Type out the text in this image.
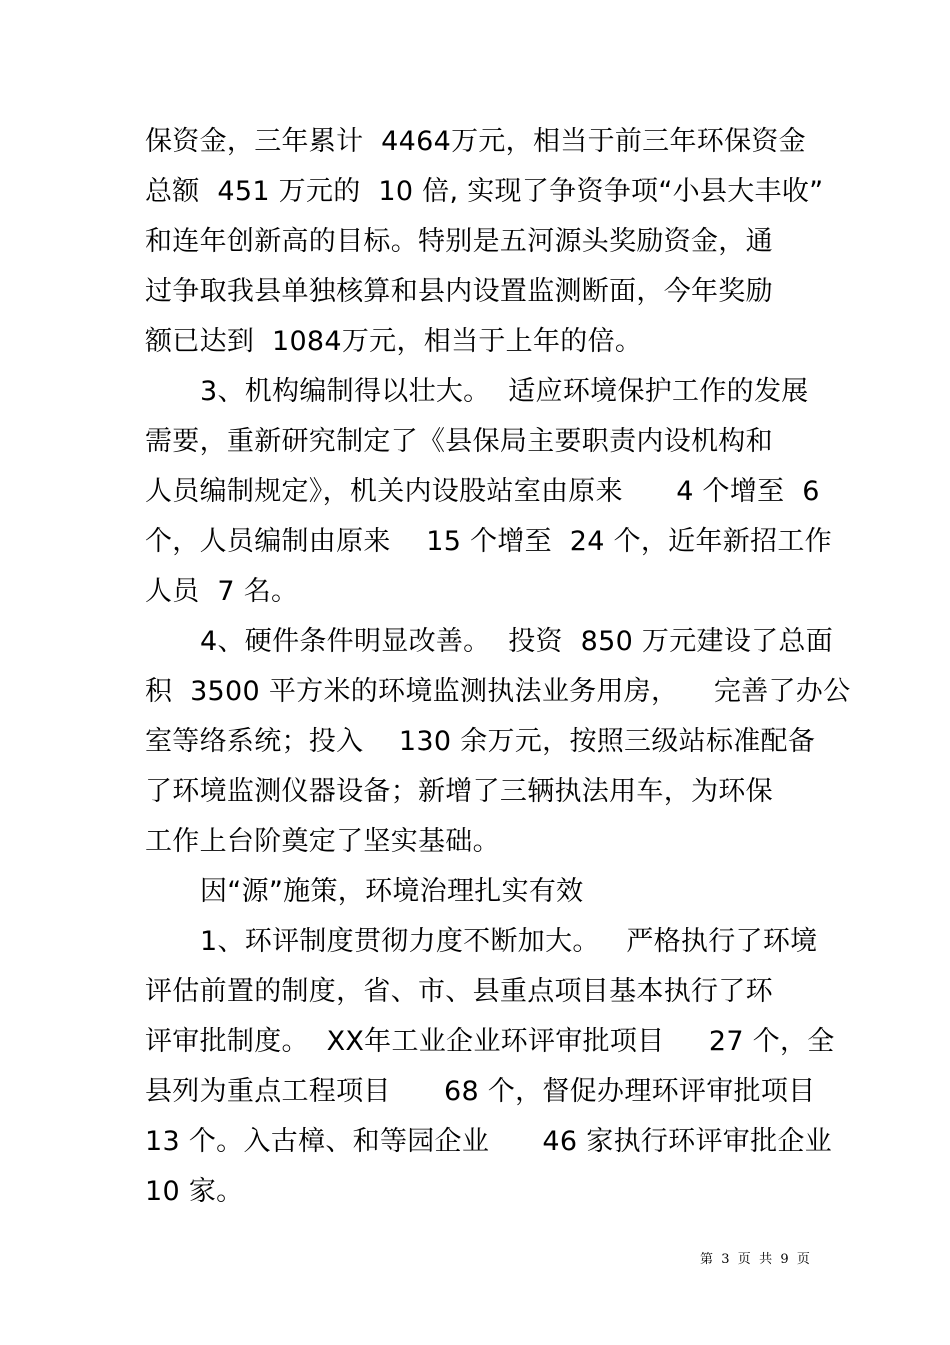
保资金，三年累计  4464万元，相当于前三年环保资金
总额  451 万元的  10 倍, 实现了争资争项“小县大丰收”
和连年创新高的目标。特别是五河源头奖励资金，通
过争取我县单独核算和县内设置监测断面，今年奖励
额已达到  1084万元，相当于上年的倍。
3、机构编制得以壮大。  适应环境保护工作的发展
需要，重新研究制定了《县保局主要职责内设机构和
人员编制规定》，机关内设股站室由原来      4 个增至  6
个，人员编制由原来    15 个增至  24 个，近年新招工作
人员  7 名。
4、硬件条件明显改善。  投资  850 万元建设了总面
积  3500 平方米的环境监测执法业务用房，    完善了办公
室等络系统；投入    130 余万元，按照三级站标准配备
了环境监测仪器设备；新增了三辆执法用车，为环保
工作上台阶奠定了坚实基础。
因“源”施策，环境治理扎实有效
1、环评制度贯彻力度不断加大。   严格执行了环境
评估前置的制度，省、市、县重点项目基本执行了环
评审批制度。  XX年工业企业环评审批项目     27 个，全
县列为重点工程项目      68 个，督促办理环评审批项目
13 个。入古樟、和等园企业      46 家执行环评审批企业
10 家。
第  3  页  共  9  页
